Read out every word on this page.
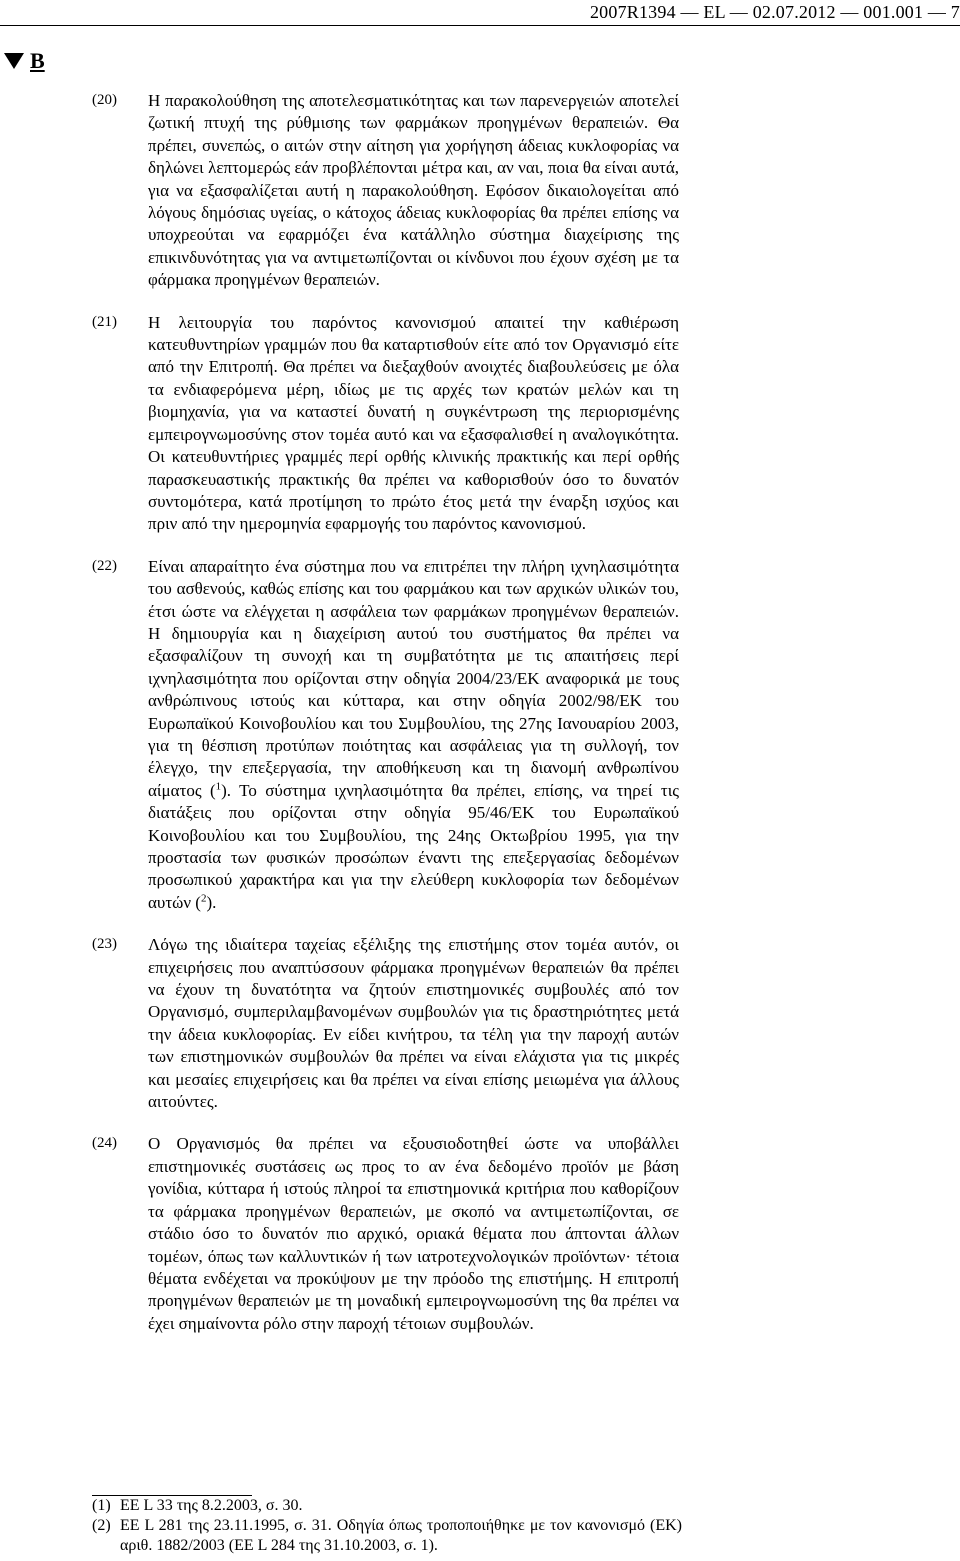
2007R1394 — EL — 02.07.2012 — 001.001 — 7
B
(20)	Η παρακολούθηση της αποτελεσματικότητας και των παρενεργειών αποτελεί ζωτική πτυχή της ρύθμισης των φαρμάκων προηγμένων θεραπειών. Θα πρέπει, συνεπώς, ο αιτών στην αίτηση για χορήγηση άδειας κυκλοφορίας να δηλώνει λεπτομερώς εάν προβλέπονται μέτρα και, αν ναι, ποια θα είναι αυτά, για να εξασφαλίζεται αυτή η παρακολούθηση. Εφόσον δικαιολογείται από λόγους δημόσιας υγείας, ο κάτοχος άδειας κυκλοφορίας θα πρέπει επίσης να υποχρεούται να εφαρμόζει ένα κατάλληλο σύστημα διαχείρισης της επικινδυνότητας για να αντιμετωπίζονται οι κίνδυνοι που έχουν σχέση με τα φάρμακα προηγμένων θεραπειών.
(21)	Η λειτουργία του παρόντος κανονισμού απαιτεί την καθιέρωση κατευθυντηρίων γραμμών που θα καταρτισθούν είτε από τον Οργανισμό είτε από την Επιτροπή. Θα πρέπει να διεξαχθούν ανοιχτές διαβουλεύσεις με όλα τα ενδιαφερόμενα μέρη, ιδίως με τις αρχές των κρατών μελών και τη βιομηχανία, για να καταστεί δυνατή η συγκέντρωση της περιορισμένης εμπειρογνωμοσύνης στον τομέα αυτό και να εξασφαλισθεί η αναλογικότητα. Οι κατευθυντήριες γραμμές περί ορθής κλινικής πρακτικής και περί ορθής παρασκευαστικής πρακτικής θα πρέπει να καθορισθούν όσο το δυνατόν συντομότερα, κατά προτίμηση το πρώτο έτος μετά την έναρξη ισχύος και πριν από την ημερομηνία εφαρμογής του παρόντος κανονισμού.
(22)	Είναι απαραίτητο ένα σύστημα που να επιτρέπει την πλήρη ιχνηλασιμότητα του ασθενούς, καθώς επίσης και του φαρμάκου και των αρχικών υλικών του, έτσι ώστε να ελέγχεται η ασφάλεια των φαρμάκων προηγμένων θεραπειών. Η δημιουργία και η διαχείριση αυτού του συστήματος θα πρέπει να εξασφαλίζουν τη συνοχή και τη συμβατότητα με τις απαιτήσεις περί ιχνηλασιμότητα που ορίζονται στην οδηγία 2004/23/ΕΚ αναφορικά με τους ανθρώπινους ιστούς και κύτταρα, και στην οδηγία 2002/98/ΕΚ του Ευρωπαϊκού Κοινοβουλίου και του Συμβουλίου, της 27ης Ιανουαρίου 2003, για τη θέσπιση προτύπων ποιότητας και ασφάλειας για τη συλλογή, τον έλεγχο, την επεξεργασία, την αποθήκευση και τη διανομή ανθρωπίνου αίματος ($^1$). Το σύστημα ιχνηλασιμότητα θα πρέπει, επίσης, να τηρεί τις διατάξεις που ορίζονται στην οδηγία 95/46/ΕΚ του Ευρωπαϊκού Κοινοβουλίου και του Συμβουλίου, της 24ης Οκτωβρίου 1995, για την προστασία των φυσικών προσώπων έναντι της επεξεργασίας δεδομένων προσωπικού χαρακτήρα και για την ελεύθερη κυκλοφορία των δεδομένων αυτών ($^2$).
(23)	Λόγω της ιδιαίτερα ταχείας εξέλιξης της επιστήμης στον τομέα αυτόν, οι επιχειρήσεις που αναπτύσσουν φάρμακα προηγμένων θεραπειών θα πρέπει να έχουν τη δυνατότητα να ζητούν επιστημονικές συμβουλές από τον Οργανισμό, συμπεριλαμβανομένων συμβουλών για τις δραστηριότητες μετά την άδεια κυκλοφορίας. Εν είδει κινήτρου, τα τέλη για την παροχή αυτών των επιστημονικών συμβουλών θα πρέπει να είναι ελάχιστα για τις μικρές και μεσαίες επιχειρήσεις και θα πρέπει να είναι επίσης μειωμένα για άλλους αιτούντες.
(24)	Ο Οργανισμός θα πρέπει να εξουσιοδοτηθεί ώστε να υποβάλλει επιστημονικές συστάσεις ως προς το αν ένα δεδομένο προϊόν με βάση γονίδια, κύτταρα ή ιστούς πληροί τα επιστημονικά κριτήρια που καθορίζουν τα φάρμακα προηγμένων θεραπειών, με σκοπό να αντιμετωπίζονται, σε στάδιο όσο το δυνατόν πιο αρχικό, οριακά θέματα που άπτονται άλλων τομέων, όπως των καλλυντικών ή των ιατροτεχνολογικών προϊόντων· τέτοια θέματα ενδέχεται να προκύψουν με την πρόοδο της επιστήμης. Η επιτροπή προηγμένων θεραπειών με τη μοναδική εμπειρογνωμοσύνη της θα πρέπει να έχει σημαίνοντα ρόλο στην παροχή τέτοιων συμβουλών.
(1) ΕΕ L 33 της 8.2.2003, σ. 30.
(2) ΕΕ L 281 της 23.11.1995, σ. 31. Οδηγία όπως τροποποιήθηκε με τον κανονισμό (ΕΚ) αριθ. 1882/2003 (ΕΕ L 284 της 31.10.2003, σ. 1).
